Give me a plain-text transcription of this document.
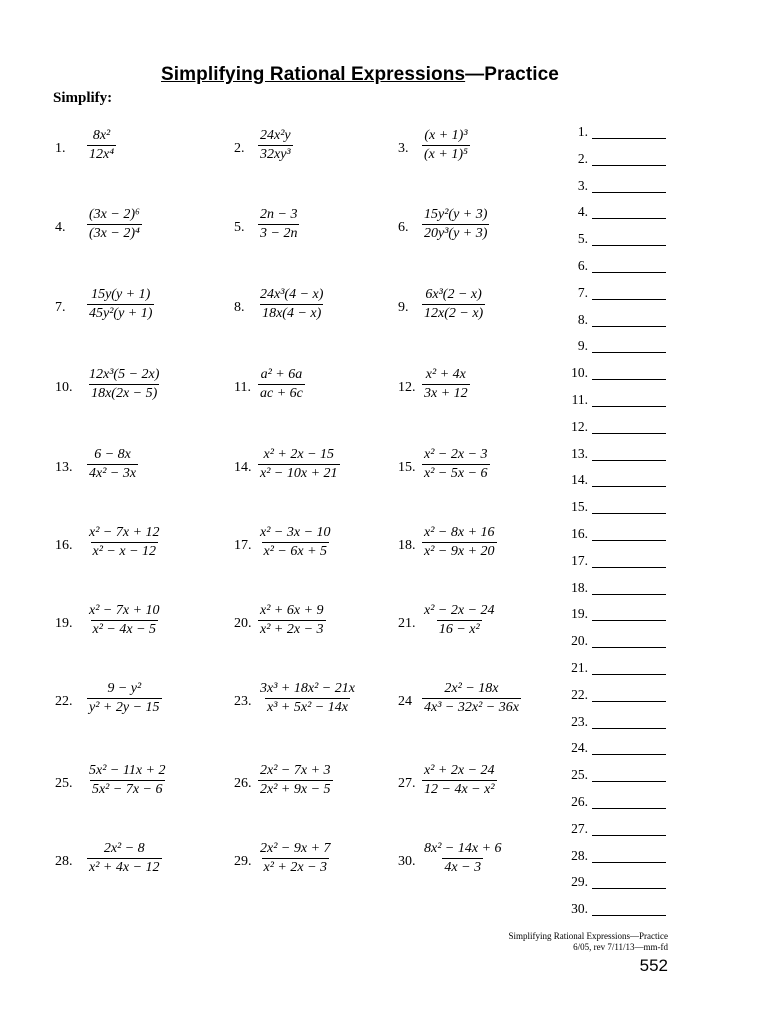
Simplifying Rational Expressions—Practice
Simplify:
1. $\frac{\text{8x²}}{\text{12x⁴}}$	2. $\frac{\text{24x²y}}{\text{32xy³}}$	3. $\frac{\text{(x + 1)³}}{\text{(x + 1)⁵}}$
4. $\frac{\text{(3x − 2)⁶}}{\text{(3x − 2)⁴}}$	5. $\frac{2n - 3}{3 - 2n}$	6. $\frac{\text{15y²(y + 3)}}{\text{20y³(y + 3)}}$
7. $\frac{15y(y + 1)}{\text{45y²(y + 1)}}$	8. $\frac{\text{24x³(4 − x)}}{18x(4 - x)}$	9. $\frac{\text{6x³(2 − x)}}{12x(2 - x)}$
10. $\frac{\text{12x³(5 − 2x)}}{18x(2x - 5)}$	11. $\frac{\text{a² + 6a}}{ac + 6c}$	12. $\frac{\text{x² + 4x}}{3x + 12}$
13. $\frac{6 - 8x}{\text{4x² − 3x}}$	14. $\frac{\text{x² + 2x − 15}}{\text{x² − 10x + 21}}$	15. $\frac{\text{x² − 2x − 3}}{\text{x² − 5x − 6}}$
16. $\frac{\text{x² − 7x + 12}}{\text{x² − x − 12}}$	17. $\frac{\text{x² − 3x − 10}}{\text{x² − 6x + 5}}$	18. $\frac{\text{x² − 8x + 16}}{\text{x² − 9x + 20}}$
19. $\frac{\text{x² − 7x + 10}}{\text{x² − 4x − 5}}$	20. $\frac{\text{x² + 6x + 9}}{\text{x² + 2x − 3}}$	21. $\frac{\text{x² − 2x − 24}}{\text{16 − x²}}$
22. $\frac{\text{9 − y²}}{\text{y² + 2y − 15}}$	23. $\frac{\text{3x³ + 18x² − 21x}}{\text{x³ + 5x² − 14x}}$	$24 \frac{\text{2x² − 18x}}{\text{4x³ − 32x² − 36x}}$
25. $\frac{\text{5x² − 11x + 2}}{\text{5x² − 7x − 6}}$	26. $\frac{\text{2x² − 7x + 3}}{\text{2x² + 9x − 5}}$	27. $\frac{\text{x² + 2x − 24}}{\text{12 − 4x − x²}}$
28. $\frac{\text{2x² − 8}}{\text{x² + 4x − 12}}$	29. $\frac{\text{2x² − 9x + 7}}{\text{x² + 2x − 3}}$	30. $\frac{\text{8x² − 14x + 6}}{4x - 3}$
1.
2.
3.
4.
5.
6.
7.
8.
9.
10.
11.
12.
13.
14.
15.
16.
17.
18.
19.
20.
21.
22.
23.
24.
25.
26.
27.
28.
29.
30.
Simplifying Rational Expressions—Practice
6/05, rev 7/11/13—mm-fd
552
